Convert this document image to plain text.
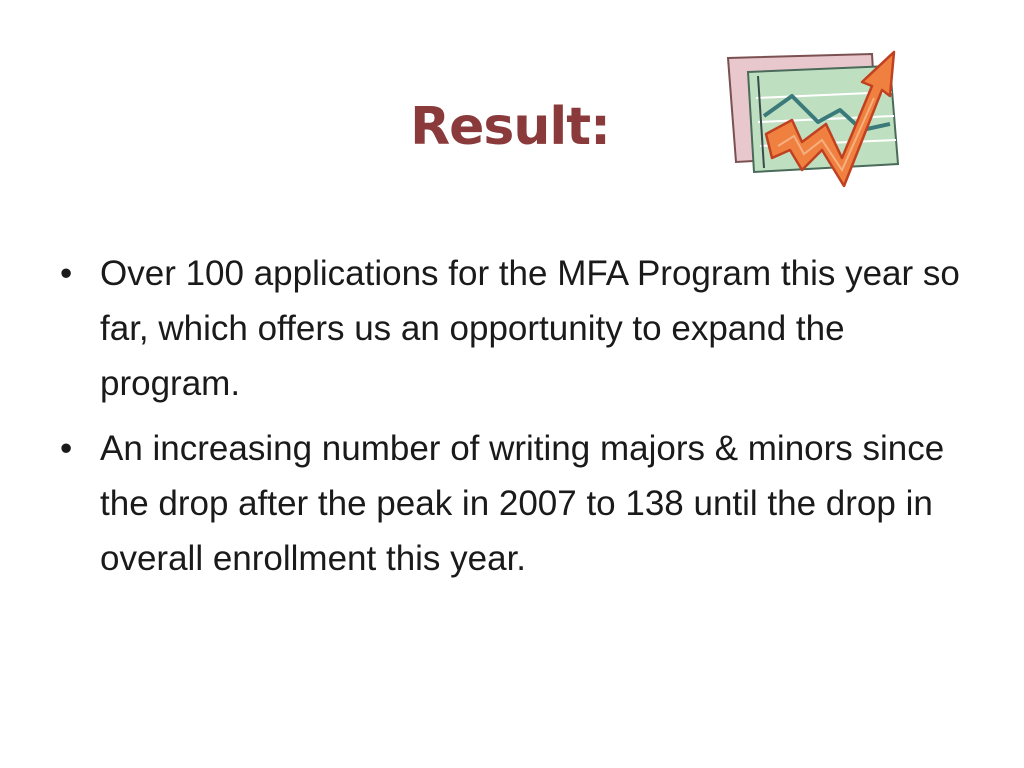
Result:
• Over 100 applications for the MFA Program this year so far, which offers us an opportunity to expand the program.
• An increasing number of writing majors & minors since the drop after the peak in 2007 to 138 until the drop in overall enrollment this year.
